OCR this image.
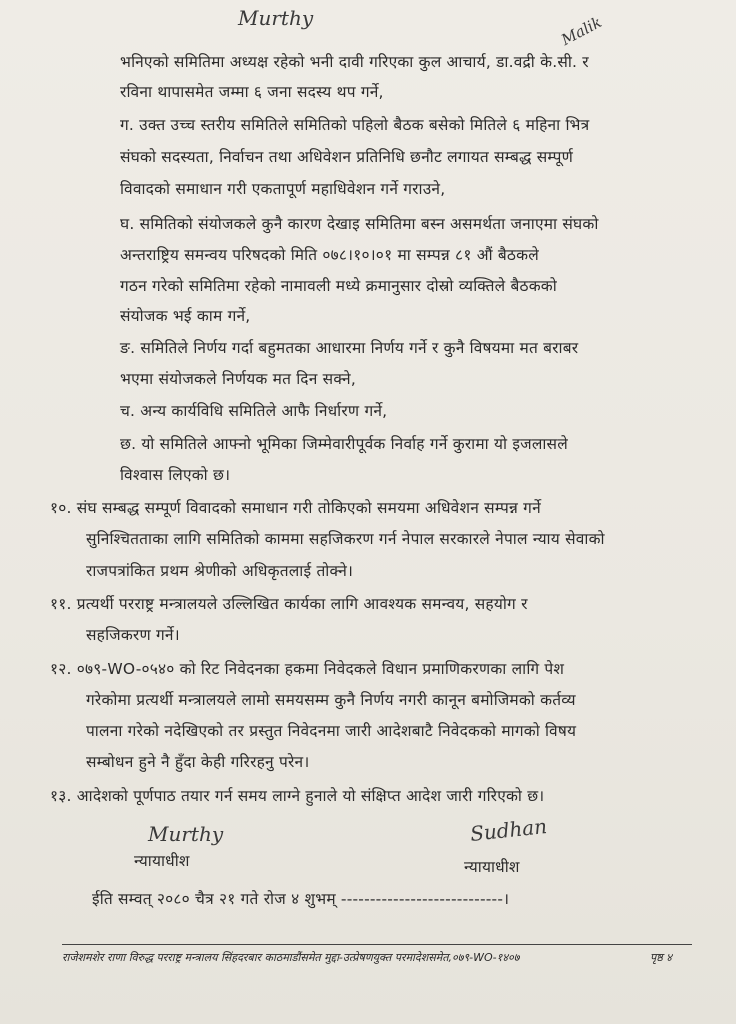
Murthy	Malik
भनिएको समितिमा अध्यक्ष रहेको भनी दावी गरिएका कुल आचार्य, डा.वद्री के.सी. र
रविना थापासमेत जम्मा ६ जना सदस्य थप गर्ने,
ग. उक्त उच्च स्तरीय समितिले समितिको पहिलो बैठक बसेको मितिले ६ महिना भित्र
संघको सदस्यता, निर्वाचन तथा अधिवेशन प्रतिनिधि छनौट लगायत सम्बद्ध सम्पूर्ण
विवादको समाधान गरी एकतापूर्ण महाधिवेशन गर्ने गराउने,
घ. समितिको संयोजकले कुनै कारण देखाइ समितिमा बस्न असमर्थता जनाएमा संघको
अन्तराष्ट्रिय समन्वय परिषदको मिति ०७८।१०।०१ मा सम्पन्न ८१ औं बैठकले
गठन गरेको समितिमा रहेको नामावली मध्ये क्रमानुसार दोस्रो व्यक्तिले बैठकको
संयोजक भई काम गर्ने,
ङ. समितिले निर्णय गर्दा बहुमतका आधारमा निर्णय गर्ने र कुनै विषयमा मत बराबर
भएमा संयोजकले निर्णयक मत दिन सक्ने,
च. अन्य कार्यविधि समितिले आफै निर्धारण गर्ने,
छ. यो समितिले आफ्नो भूमिका जिम्मेवारीपूर्वक निर्वाह गर्ने कुरामा यो इजलासले
विश्वास लिएको छ।
१०. संघ सम्बद्ध सम्पूर्ण विवादको समाधान गरी तोकिएको समयमा अधिवेशन सम्पन्न गर्ने
सुनिश्चितताका लागि समितिको काममा सहजिकरण गर्न नेपाल सरकारले नेपाल न्याय सेवाको
राजपत्रांकित प्रथम श्रेणीको अधिकृतलाई तोक्ने।
११. प्रत्यर्थी परराष्ट्र मन्त्रालयले उल्लिखित कार्यका लागि आवश्यक समन्वय, सहयोग र
सहजिकरण गर्ने।
१२. ०७९-WO-०५४० को रिट निवेदनका हकमा निवेदकले विधान प्रमाणिकरणका लागि पेश
गरेकोमा प्रत्यर्थी मन्त्रालयले लामो समयसम्म कुनै निर्णय नगरी कानून बमोजिमको कर्तव्य
पालना गरेको नदेखिएको तर प्रस्तुत निवेदनमा जारी आदेशबाटै निवेदकको मागको विषय
सम्बोधन हुने नै हुँदा केही गरिरहनु परेन।
१३. आदेशको पूर्णपाठ तयार गर्न समय लाग्ने हुनाले यो संक्षिप्त आदेश जारी गरिएको छ।
Murthy
न्यायाधीश
Sudhan
न्यायाधीश
ईति सम्वत् २०८० चैत्र २१ गते रोज ४ शुभम् ----------------------------।
राजेशमशेर राणा विरुद्ध परराष्ट्र मन्त्रालय सिंहदरबार काठमाडौंसमेत मुद्दा-उत्प्रेषणयुक्त परमादेशसमेत,०७९-WO-१४०७	पृष्ठ ४
